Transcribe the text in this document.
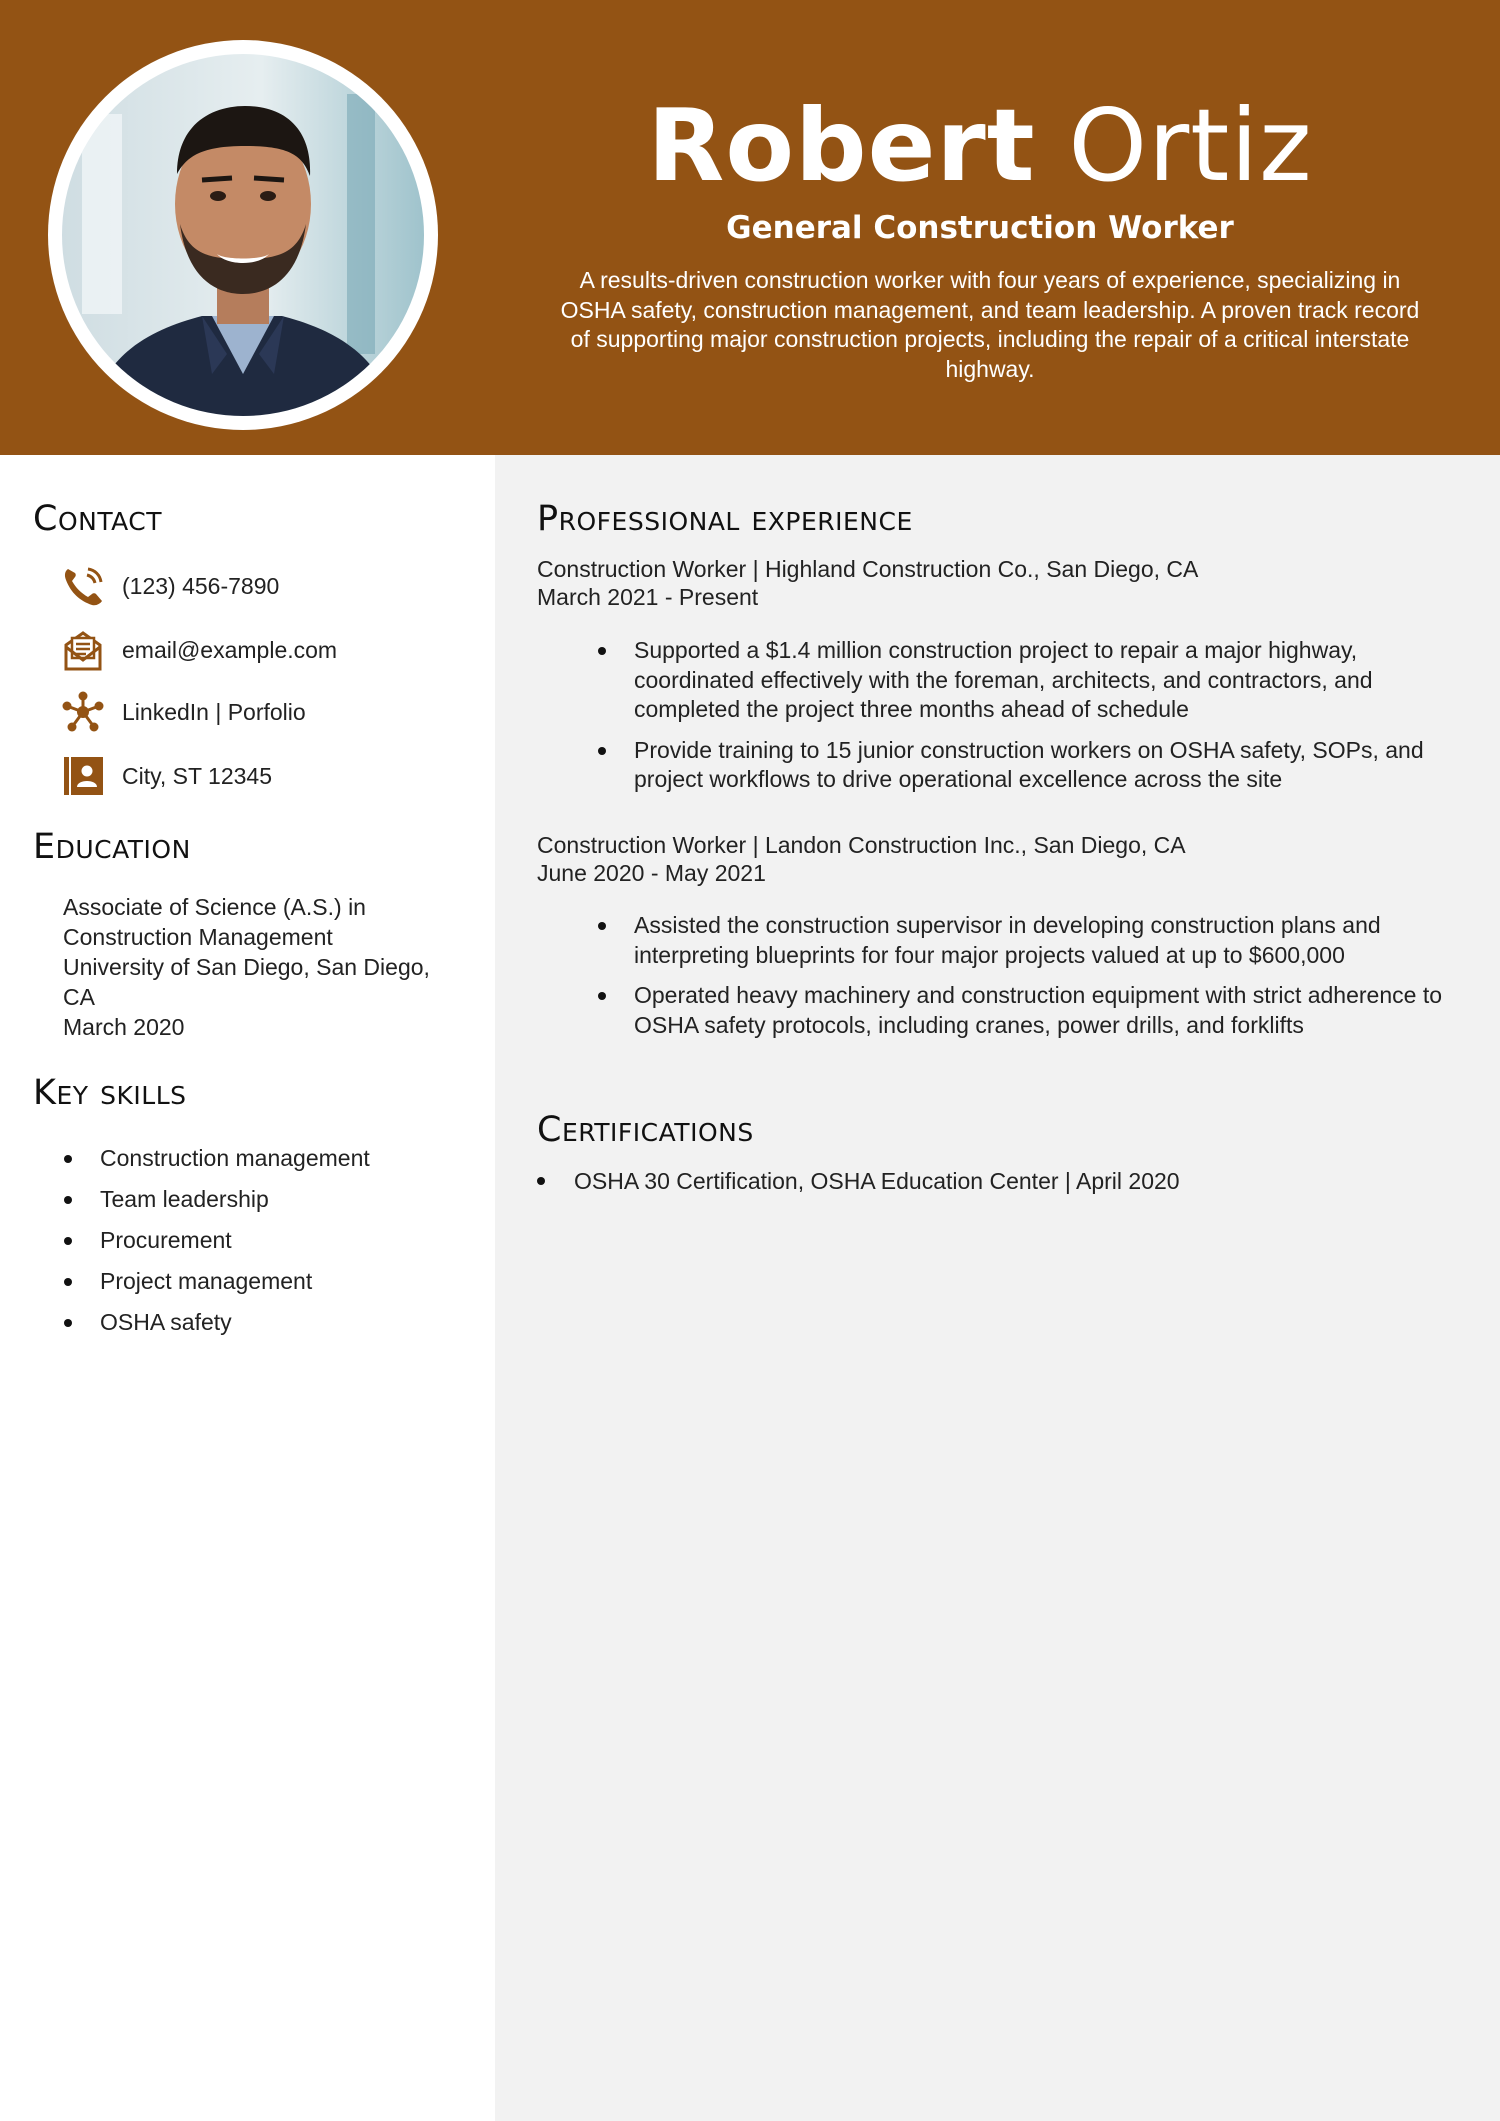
Robert Ortiz
General Construction Worker
A results-driven construction worker with four years of experience, specializing in OSHA safety, construction management, and team leadership. A proven track record of supporting major construction projects, including the repair of a critical interstate highway.
Contact
(123) 456-7890
email@example.com
LinkedIn | Porfolio
City, ST 12345
Education
Associate of Science (A.S.) in
Construction Management
University of San Diego, San Diego,
CA
March 2020
Key skills
Construction management
Team leadership
Procurement
Project management
OSHA safety
Professional experience
Construction Worker | Highland Construction Co., San Diego, CA
March 2021 - Present
Supported a $1.4 million construction project to repair a major highway, coordinated effectively with the foreman, architects, and contractors, and completed the project three months ahead of schedule
Provide training to 15 junior construction workers on OSHA safety, SOPs, and project workflows to drive operational excellence across the site
Construction Worker | Landon Construction Inc., San Diego, CA
June 2020 - May 2021
Assisted the construction supervisor in developing construction plans and interpreting blueprints for four major projects valued at up to $600,000
Operated heavy machinery and construction equipment with strict adherence to OSHA safety protocols, including cranes, power drills, and forklifts
Certifications
OSHA 30 Certification, OSHA Education Center | April 2020
